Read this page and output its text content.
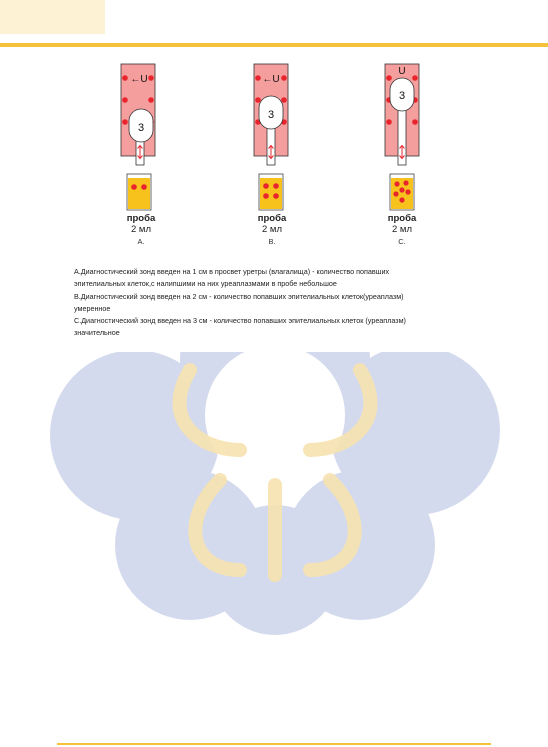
3
←U
проба
2 мл
A.
3
←U
проба
2 мл
B.
3
U
проба
2 мл
C.

A.Диагностический зонд введен на 1 см в просвет уретры (влагалища) - количество попавших

эпителиальных клеток,с налипшими на них уреаплазмами в пробе небольшое

B.Диагностический зонд введен на 2 см - количество попавших эпителиальных клеток(уреаплазм)

умеренное

C.Диагностический зонд введен на 3 см - количество попавших эпителиальных клеток (уреаплазм)

значительное
